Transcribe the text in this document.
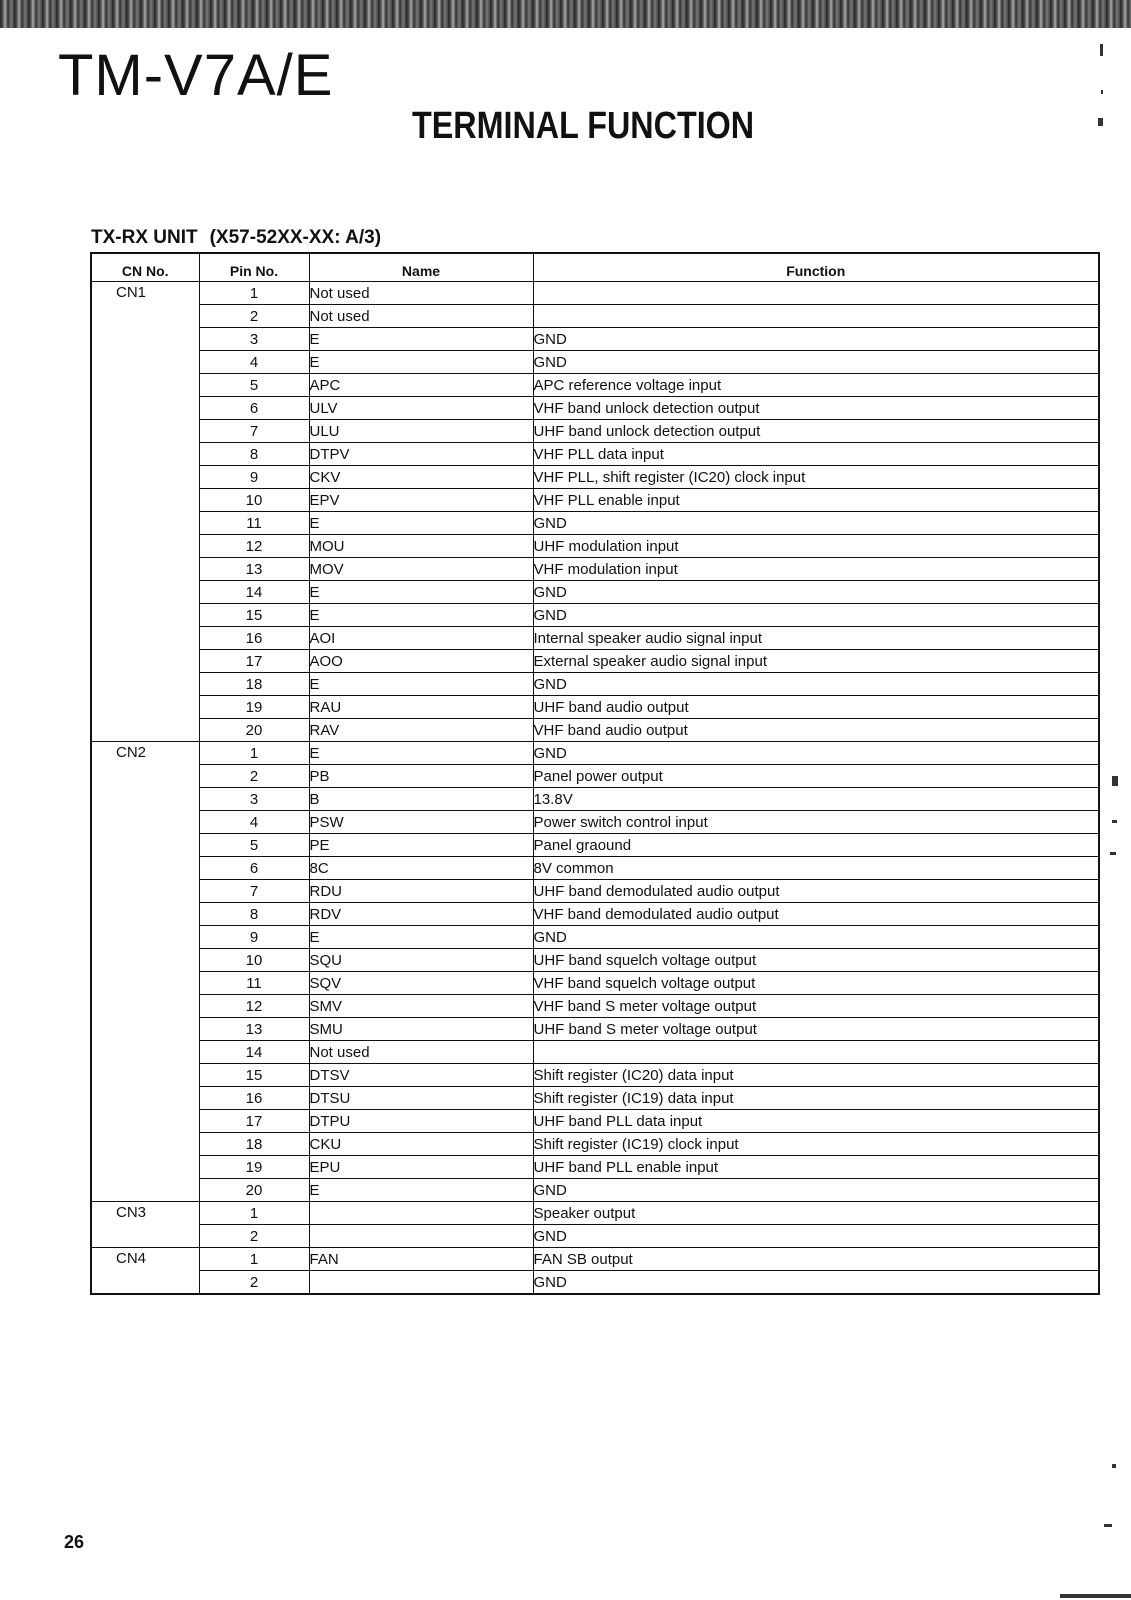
TM-V7A/E
TERMINAL FUNCTION
TX-RX UNIT (X57-52XX-XX: A/3)
CN No.	Pin No.	Name	Function
CN1	1	Not used	
	2	Not used	
	3	E	GND
	4	E	GND
	5	APC	APC reference voltage input
	6	ULV	VHF band unlock detection output
	7	ULU	UHF band unlock detection output
	8	DTPV	VHF PLL data input
	9	CKV	VHF PLL, shift register (IC20) clock input
	10	EPV	VHF PLL enable input
	11	E	GND
	12	MOU	UHF modulation input
	13	MOV	VHF modulation input
	14	E	GND
	15	E	GND
	16	AOI	Internal speaker audio signal input
	17	AOO	External speaker audio signal input
	18	E	GND
	19	RAU	UHF band audio output
	20	RAV	VHF band audio output
CN2	1	E	GND
	2	PB	Panel power output
	3	B	13.8V
	4	PSW	Power switch control input
	5	PE	Panel graound
	6	8C	8V common
	7	RDU	UHF band demodulated audio output
	8	RDV	VHF band demodulated audio output
	9	E	GND
	10	SQU	UHF band squelch voltage output
	11	SQV	VHF band squelch voltage output
	12	SMV	VHF band S meter voltage output
	13	SMU	UHF band S meter voltage output
	14	Not used	
	15	DTSV	Shift register (IC20) data input
	16	DTSU	Shift register (IC19) data input
	17	DTPU	UHF band PLL data input
	18	CKU	Shift register (IC19) clock input
	19	EPU	UHF band PLL enable input
	20	E	GND
CN3	1		Speaker output
	2		GND
CN4	1	FAN	FAN SB output
	2		GND
26
